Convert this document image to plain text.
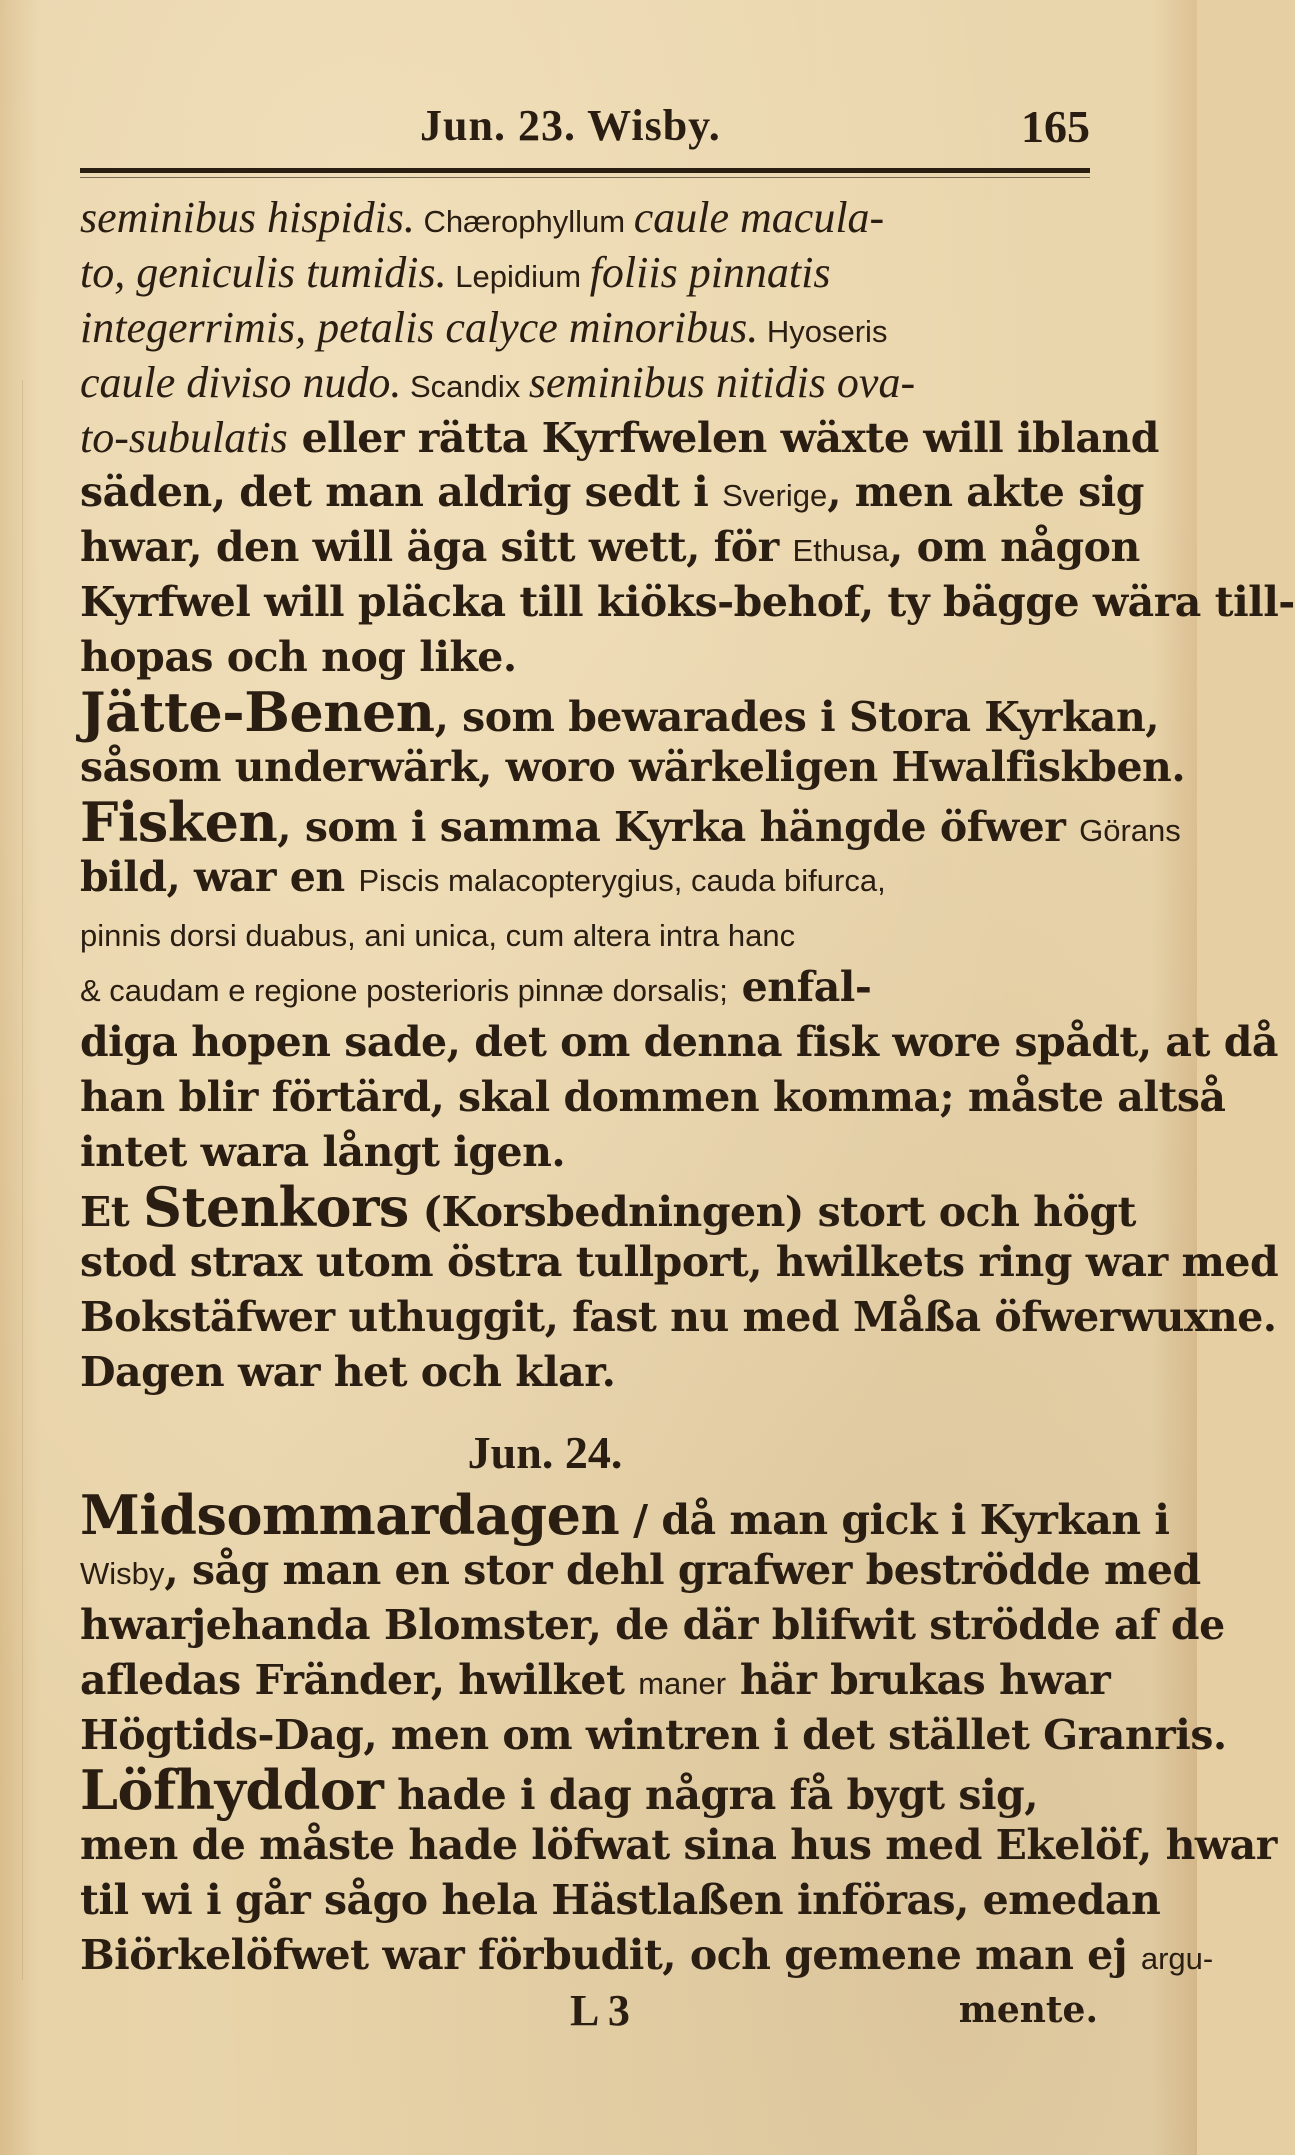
Jun. 23. Wisby.	165
seminibus hispidis. Chærophyllum caule macula-
to, geniculis tumidis. Lepidium foliis pinnatis
integerrimis, petalis calyce minoribus. Hyoseris
caule diviso nudo. Scandix seminibus nitidis ova-
to-subulatis eller rätta Kyrfwelen wäxte will ibland
säden, det man aldrig sedt i Sverige, men akte sig
hwar, den will äga sitt wett, för Ethusa, om någon
Kyrfwel will pläcka till kiöks-behof, ty bägge wära till-
hopas och nog like.
Jätte-Benen, som bewarades i Stora Kyrkan,
såsom underwärk, woro wärkeligen Hwalfiskben.
Fisken, som i samma Kyrka hängde öfwer Görans
bild, war en Piscis malacopterygius, cauda bifurca,
pinnis dorsi duabus, ani unica, cum altera intra hanc
& caudam e regione posterioris pinnæ dorsalis; enfal-
diga hopen sade, det om denna fisk wore spådt, at då
han blir förtärd, skal dommen komma; måste altså
intet wara långt igen.
Et Stenkors (Korsbedningen) stort och högt
stod strax utom östra tullport, hwilkets ring war med
Bokstäfwer uthuggit, fast nu med Måßa öfwerwuxne.
Dagen war het och klar.
Jun. 24.
Midsommardagen / då man gick i Kyrkan i
Wisby, såg man en stor dehl grafwer beströdde med
hwarjehanda Blomster, de där blifwit strödde af de
afledas Fränder, hwilket maner här brukas hwar
Högtids-Dag, men om wintren i det stället Granris.
Löfhyddor hade i dag några få bygt sig,
men de måste hade löfwat sina hus med Ekelöf, hwar
til wi i går sågo hela Hästlaßen införas, emedan
Biörkelöfwet war förbudit, och gemene man ej argu-
L 3	mente.
